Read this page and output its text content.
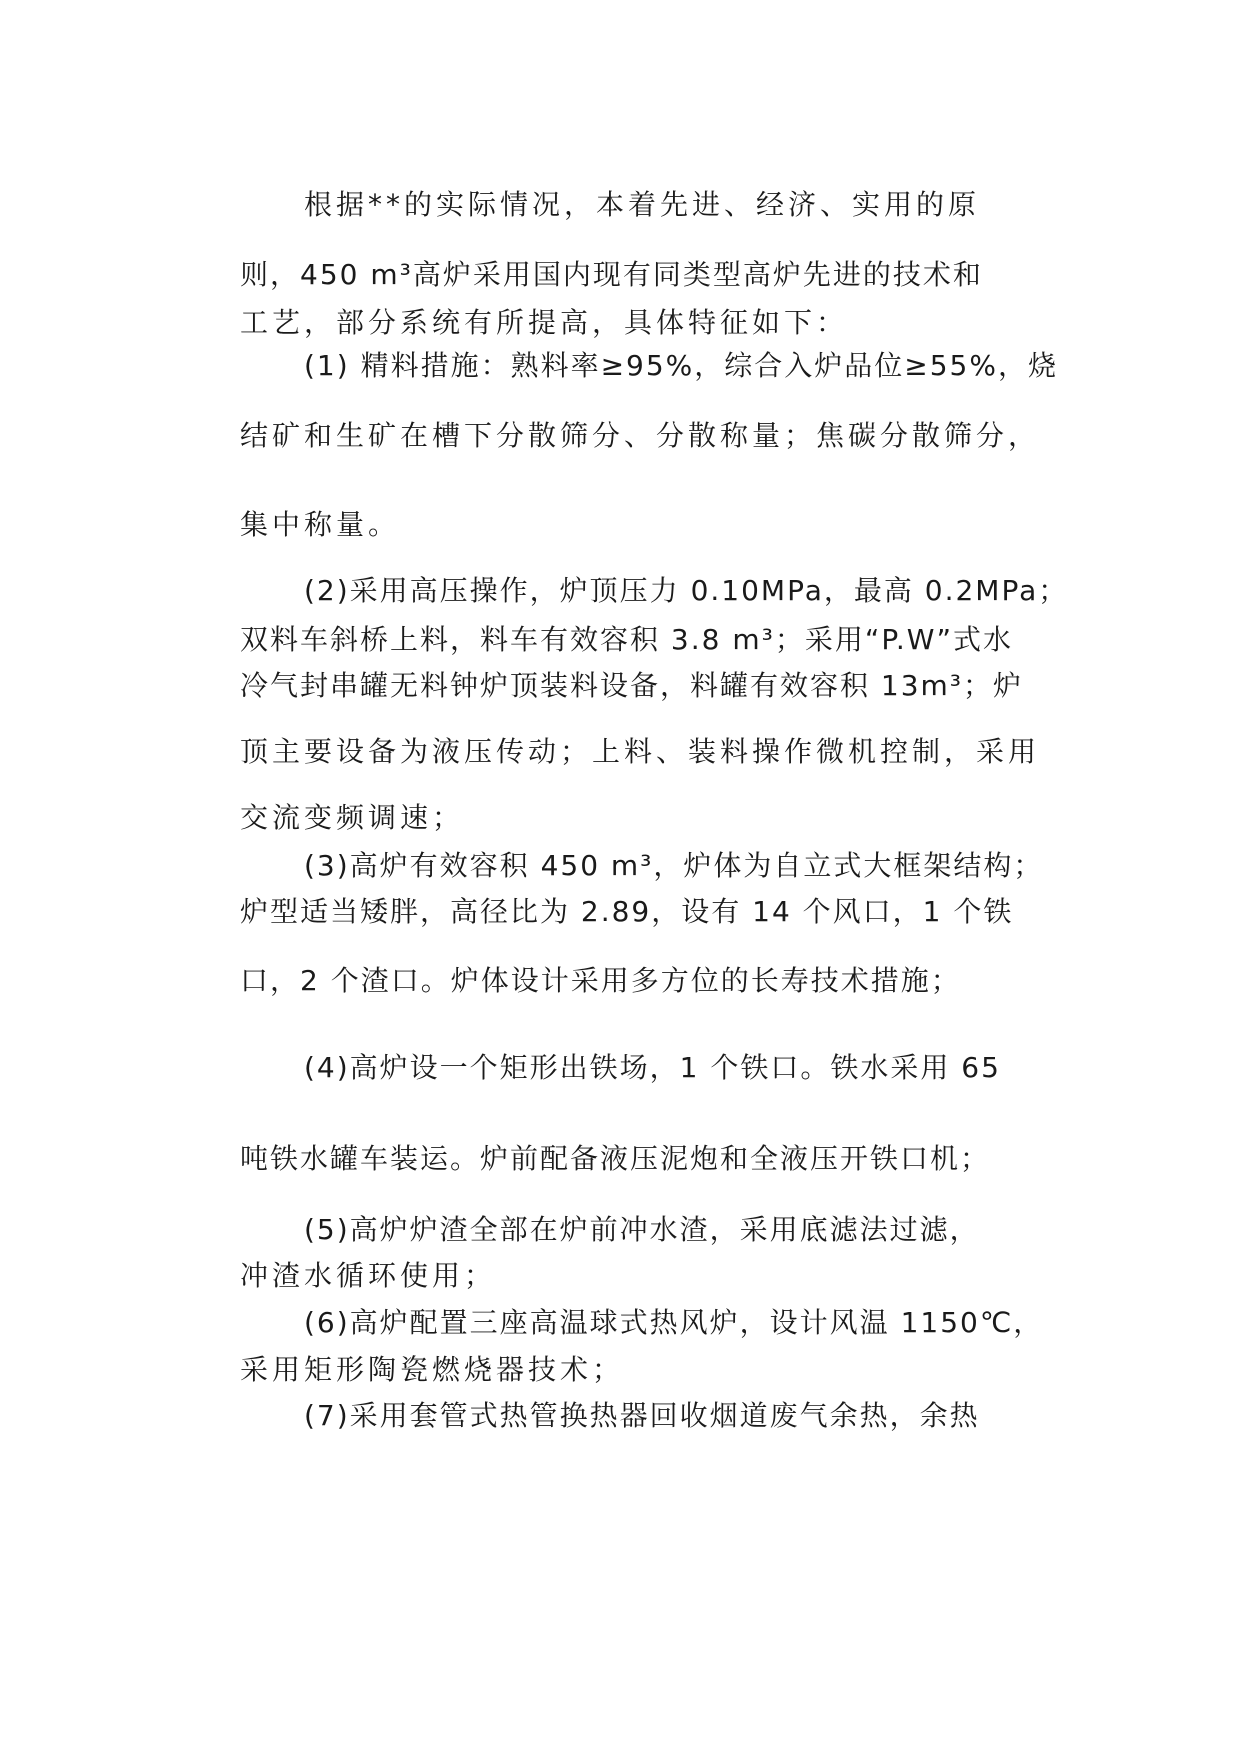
根据**的实际情况，本着先进、经济、实用的原
则，450 m³高炉采用国内现有同类型高炉先进的技术和
工艺，部分系统有所提高，具体特征如下：
(1) 精料措施：熟料率≥95%，综合入炉品位≥55%，烧
结矿和生矿在槽下分散筛分、分散称量；焦碳分散筛分，
集中称量。
(2)采用高压操作，炉顶压力 0.10MPa，最高 0.2MPa；
双料车斜桥上料，料车有效容积 3.8 m³；采用“P.W”式水
冷气封串罐无料钟炉顶装料设备，料罐有效容积 13m³；炉
顶主要设备为液压传动；上料、装料操作微机控制，采用
交流变频调速；
(3)高炉有效容积 450 m³，炉体为自立式大框架结构；
炉型适当矮胖，高径比为 2.89，设有 14 个风口，1 个铁
口，2 个渣口。炉体设计采用多方位的长寿技术措施；
(4)高炉设一个矩形出铁场，1 个铁口。铁水采用 65
吨铁水罐车装运。炉前配备液压泥炮和全液压开铁口机；
(5)高炉炉渣全部在炉前冲水渣，采用底滤法过滤，
冲渣水循环使用；
(6)高炉配置三座高温球式热风炉，设计风温 1150℃，
采用矩形陶瓷燃烧器技术；
(7)采用套管式热管换热器回收烟道废气余热，余热
